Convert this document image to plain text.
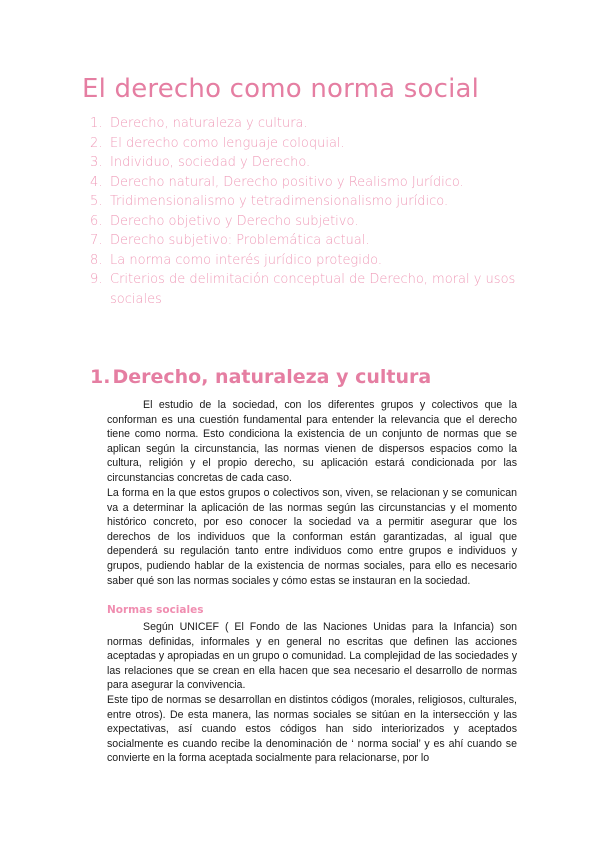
El derecho como norma social
1. Derecho, naturaleza y cultura.
2. El derecho como lenguaje coloquial.
3. Individuo, sociedad y Derecho.
4. Derecho natural, Derecho positivo y Realismo Jurídico.
5. Tridimensionalismo y tetradimensionalismo jurídico.
6. Derecho objetivo y Derecho subjetivo.
7. Derecho subjetivo: Problemática actual.
8. La norma como interés jurídico protegido.
9. Criterios de delimitación conceptual de Derecho, moral y usos sociales
1. Derecho, naturaleza y cultura

El estudio de la sociedad, con los diferentes grupos y colectivos que la conforman es una cuestión fundamental para entender la relevancia que el derecho tiene como norma. Esto condiciona la existencia de un conjunto de normas que se aplican según la circunstancia, las normas vienen de dispersos espacios como la cultura, religión y el propio derecho, su aplicación estará condicionada por las circunstancias concretas de cada caso.

La forma en la que estos grupos o colectivos son, viven, se relacionan y se comunican va a determinar la aplicación de las normas según las circunstancias y el momento histórico concreto, por eso conocer la sociedad va a permitir asegurar que los derechos de los individuos que la conforman están garantizadas, al igual que dependerá su regulación tanto entre individuos como entre grupos e individuos y grupos, pudiendo hablar de la existencia de normas sociales, para ello es necesario saber qué son las normas sociales y cómo estas se instauran en la sociedad.

Normas sociales

Según UNICEF ( El Fondo de las Naciones Unidas para la Infancia) son normas definidas, informales y en general no escritas que definen las acciones aceptadas y apropiadas en un grupo o comunidad. La complejidad de las sociedades y las relaciones que se crean en ella hacen que sea necesario el desarrollo de normas para asegurar la convivencia.

Este tipo de normas se desarrollan en distintos códigos (morales, religiosos, culturales, entre otros). De esta manera, las normas sociales se sitúan en la intersección y las expectativas, así cuando estos códigos han sido interiorizados y aceptados socialmente es cuando recibe la denominación de ‘ norma social’ y es ahí cuando se convierte en la forma aceptada socialmente para relacionarse, por lo
